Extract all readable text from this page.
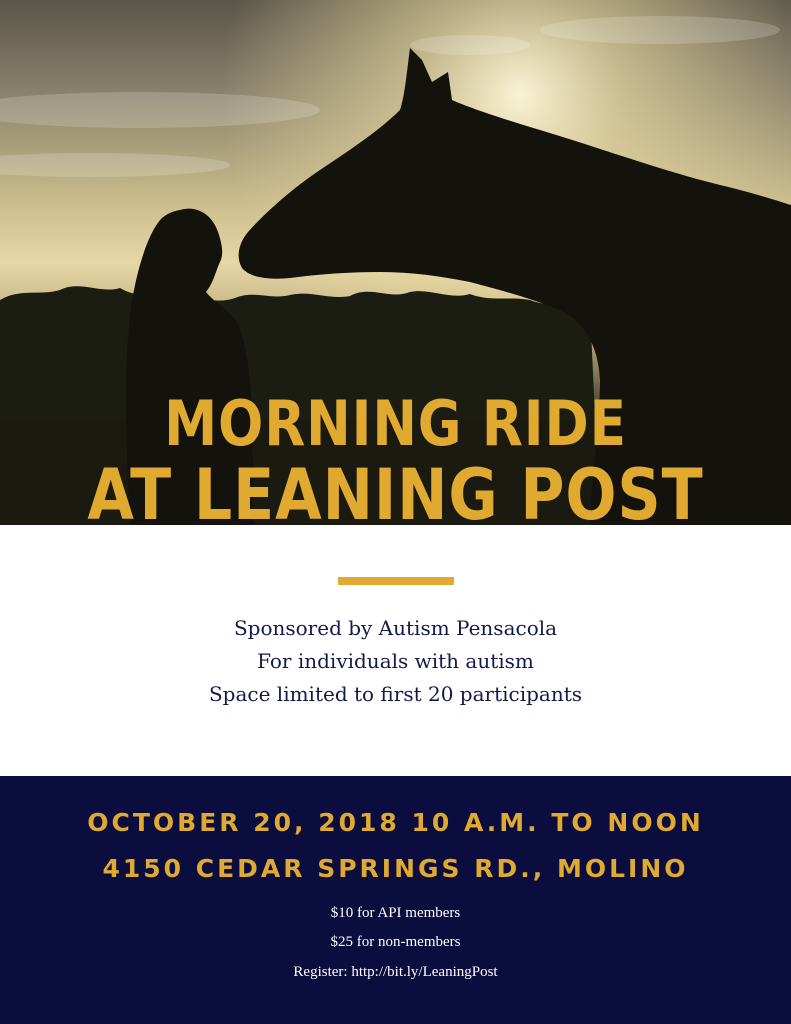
MORNING RIDE
AT LEANING POST
Sponsored by Autism Pensacola
For individuals with autism
Space limited to first 20 participants
OCTOBER 20, 2018 10 A.M. TO NOON
4150 CEDAR SPRINGS RD., MOLINO
$10 for API members
$25 for non-members
Register: http://bit.ly/LeaningPost
